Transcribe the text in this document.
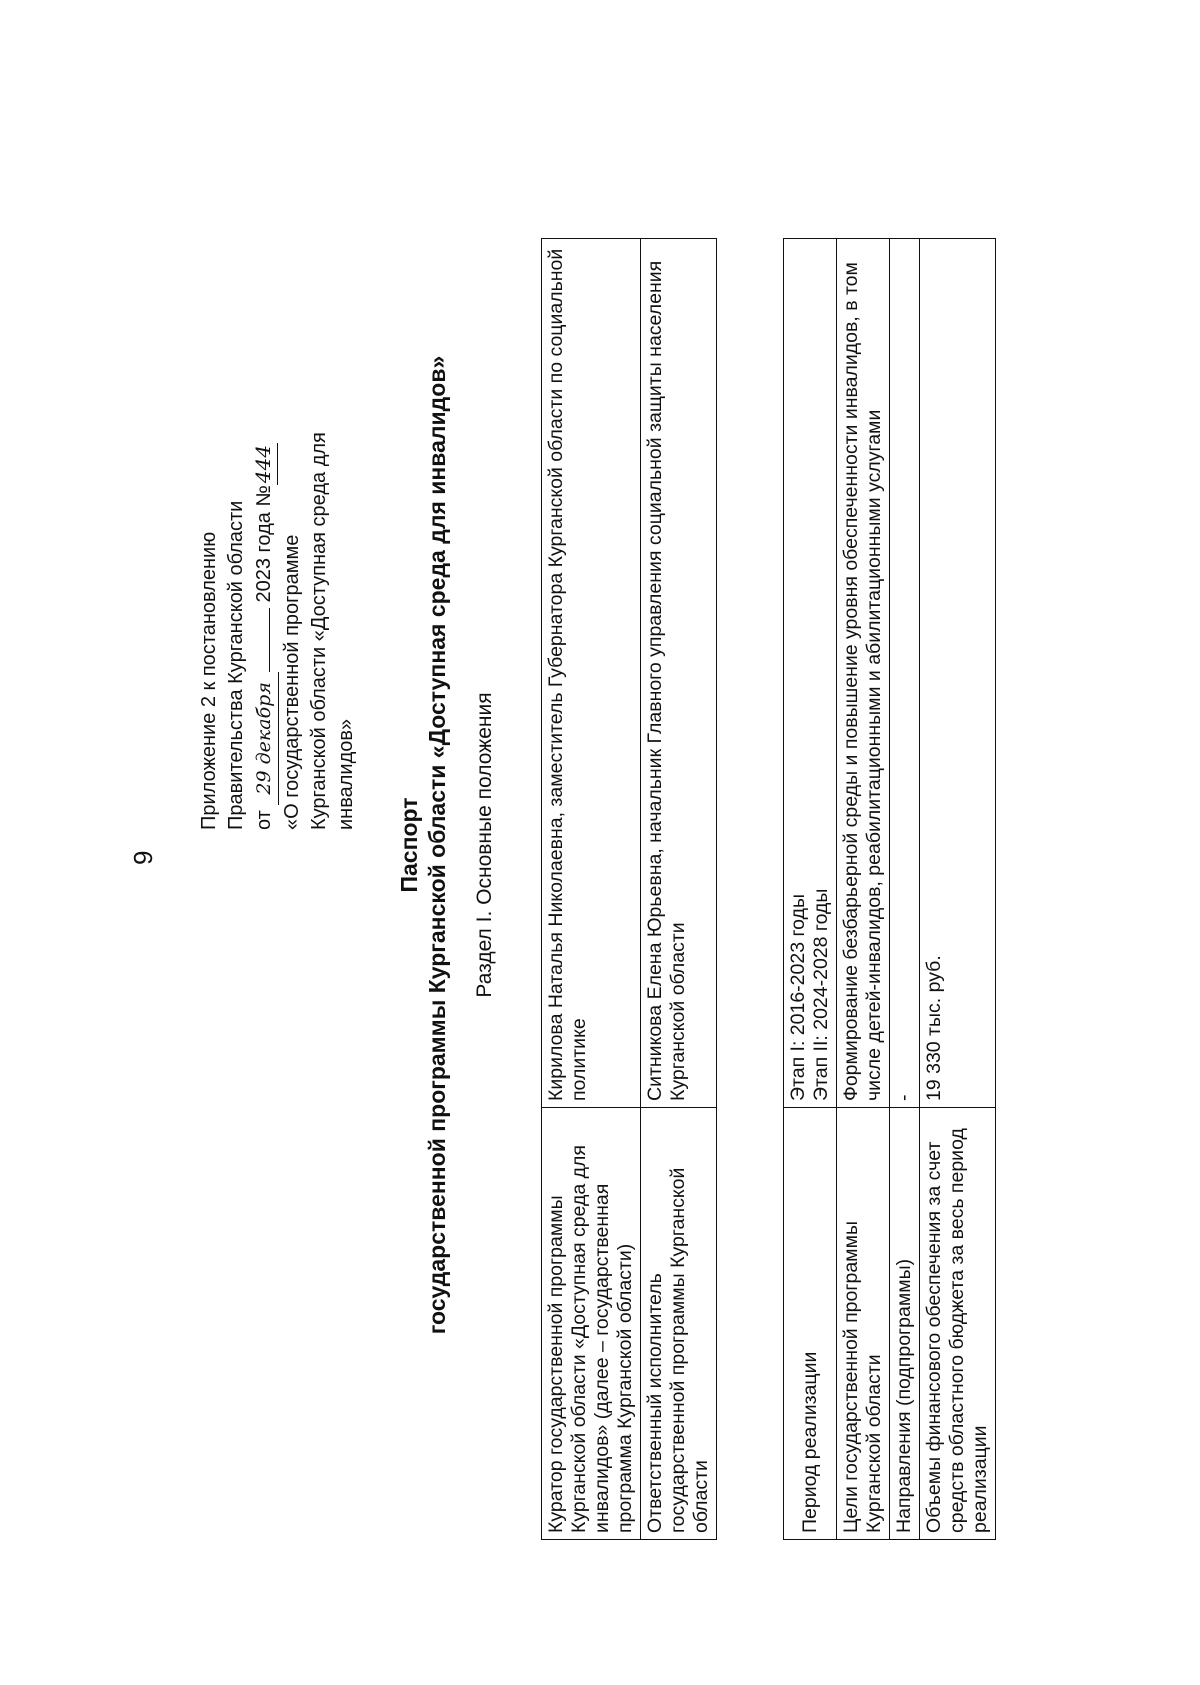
9
Приложение 2 к постановлению Правительства Курганской области от 29 декабря 2023 года №444
«О государственной программе Курганской области «Доступная среда для инвалидов»
Паспорт государственной программы Курганской области «Доступная среда для инвалидов» Раздел I. Основные положения
Куратор государственной программы Курганской области «Доступная среда для инвалидов» (далее – государственная программа Курганской области)	Кирилова Наталья Николаевна, заместитель Губернатора Курганской области по социальной политике
Ответственный исполнитель государственной программы Курганской области	Ситникова Елена Юрьевна, начальник Главного управления социальной защиты населения Курганской области
Период реализации	Этап I: 2016-2023 годы Этап II: 2024-2028 годы

Цели государственной программы Курганской области	Формирование безбарьерной среды и повышение уровня обеспеченности инвалидов, в том числе детей-инвалидов, реабилитационными и абилитационными услугами
Направления (подпрограммы)	-
Объемы финансового обеспечения за счет средств областного бюджета за весь период реализации	19 330 тыс. руб.
